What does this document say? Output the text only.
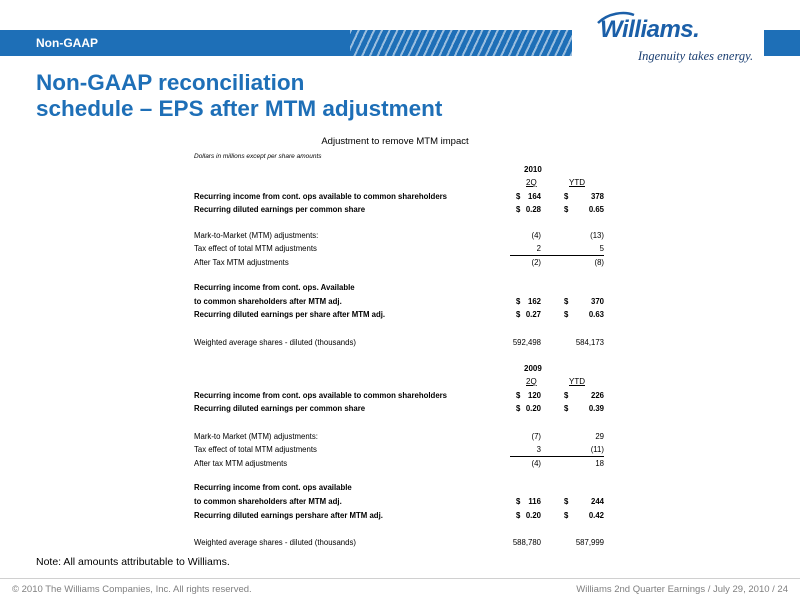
Non-GAAP	Williams.
Ingenuity takes energy.
Non-GAAP reconciliation
schedule – EPS after MTM adjustment
Adjustment to remove MTM impact
Dollars in millions except per share amounts
2010
2Q	YTD
Recurring income from cont. ops available to common shareholders	$ 164	$	378
Recurring diluted earnings per common share	$ 0.28	$	0.65
Mark-to-Market (MTM) adjustments:	(4)	(13)
Tax effect of total MTM adjustments	2	5
After Tax MTM adjustments	(2)	(8)
Recurring income from cont. ops. Available
to common shareholders after MTM adj.	$ 162	$	370
Recurring diluted earnings per share after MTM adj.	$ 0.27	$	0.63
Weighted average shares - diluted (thousands)	592,498	584,173
2009
2Q	YTD
Recurring income from cont. ops available to common shareholders	$ 120	$	226
Recurring diluted earnings per common share	$ 0.20	$	0.39
Mark-to Market (MTM) adjustments:	(7)	29
Tax effect of total MTM adjustments	3	(11)
After tax MTM adjustments	(4)	18
Recurring income from cont. ops available
to common shareholders after MTM adj.	$ 116	$	244
Recurring diluted earnings pershare after MTM adj.	$ 0.20	$	0.42
Weighted average shares - diluted (thousands)	588,780	587,999
Note: All amounts attributable to Williams.
© 2010 The Williams Companies, Inc. All rights reserved.	Williams 2nd Quarter Earnings / July 29, 2010 / 24
